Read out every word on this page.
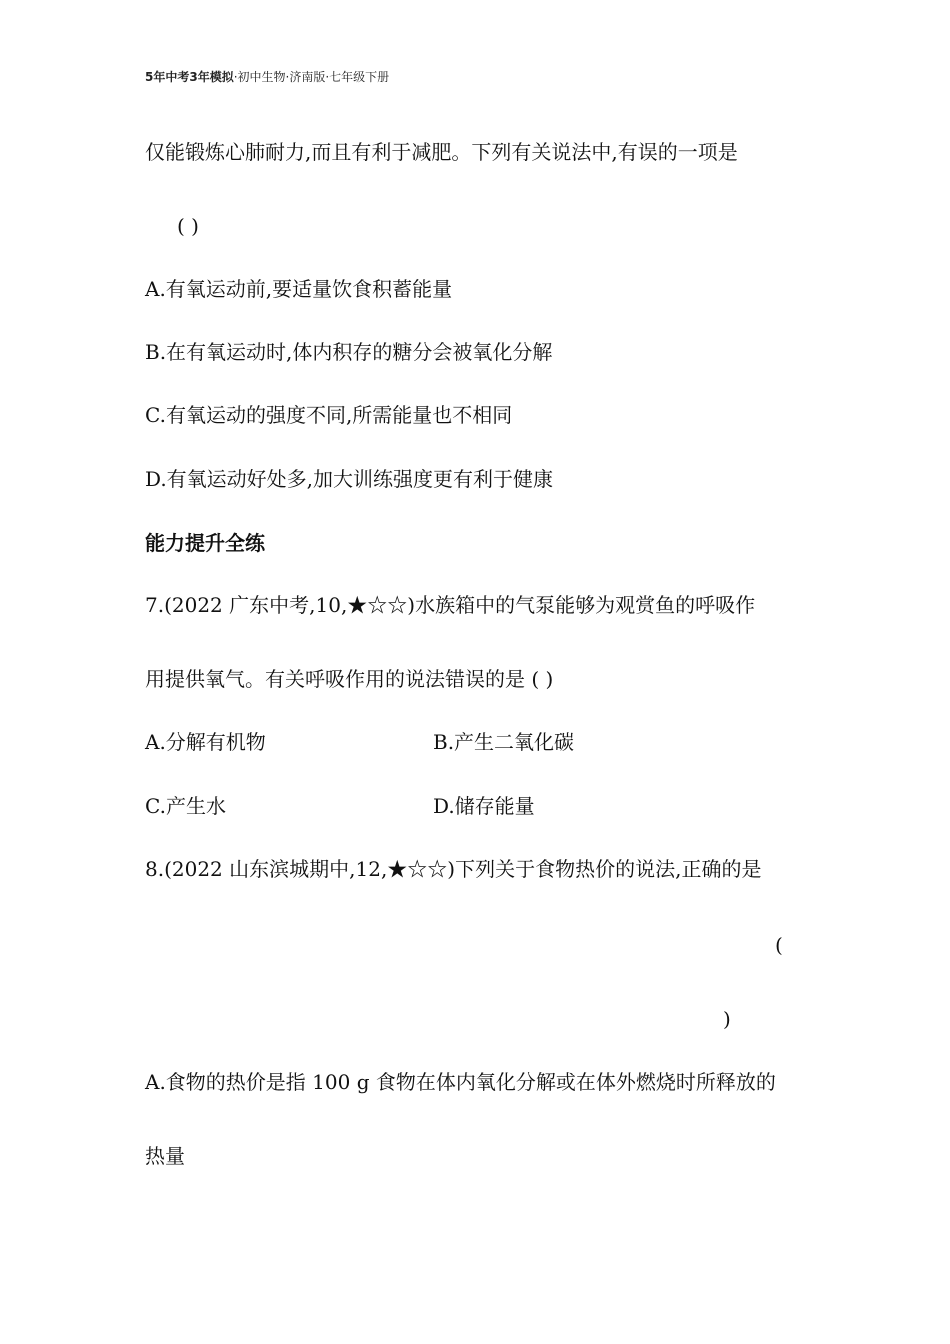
5年中考3年模拟·初中生物·济南版·七年级下册
仅能锻炼心肺耐力,而且有利于减肥。下列有关说法中,有误的一项是
( )
A.有氧运动前,要适量饮食积蓄能量
B.在有氧运动时,体内积存的糖分会被氧化分解
C.有氧运动的强度不同,所需能量也不相同
D.有氧运动好处多,加大训练强度更有利于健康
能力提升全练
7.(2022 广东中考,10,★☆☆)水族箱中的气泵能够为观赏鱼的呼吸作
用提供氧气。有关呼吸作用的说法错误的是 ( )
A.分解有机物	B.产生二氧化碳
C.产生水	D.储存能量
8.(2022 山东滨城期中,12,★☆☆)下列关于食物热价的说法,正确的是
(
)
A.食物的热价是指 100 g 食物在体内氧化分解或在体外燃烧时所释放的
热量
